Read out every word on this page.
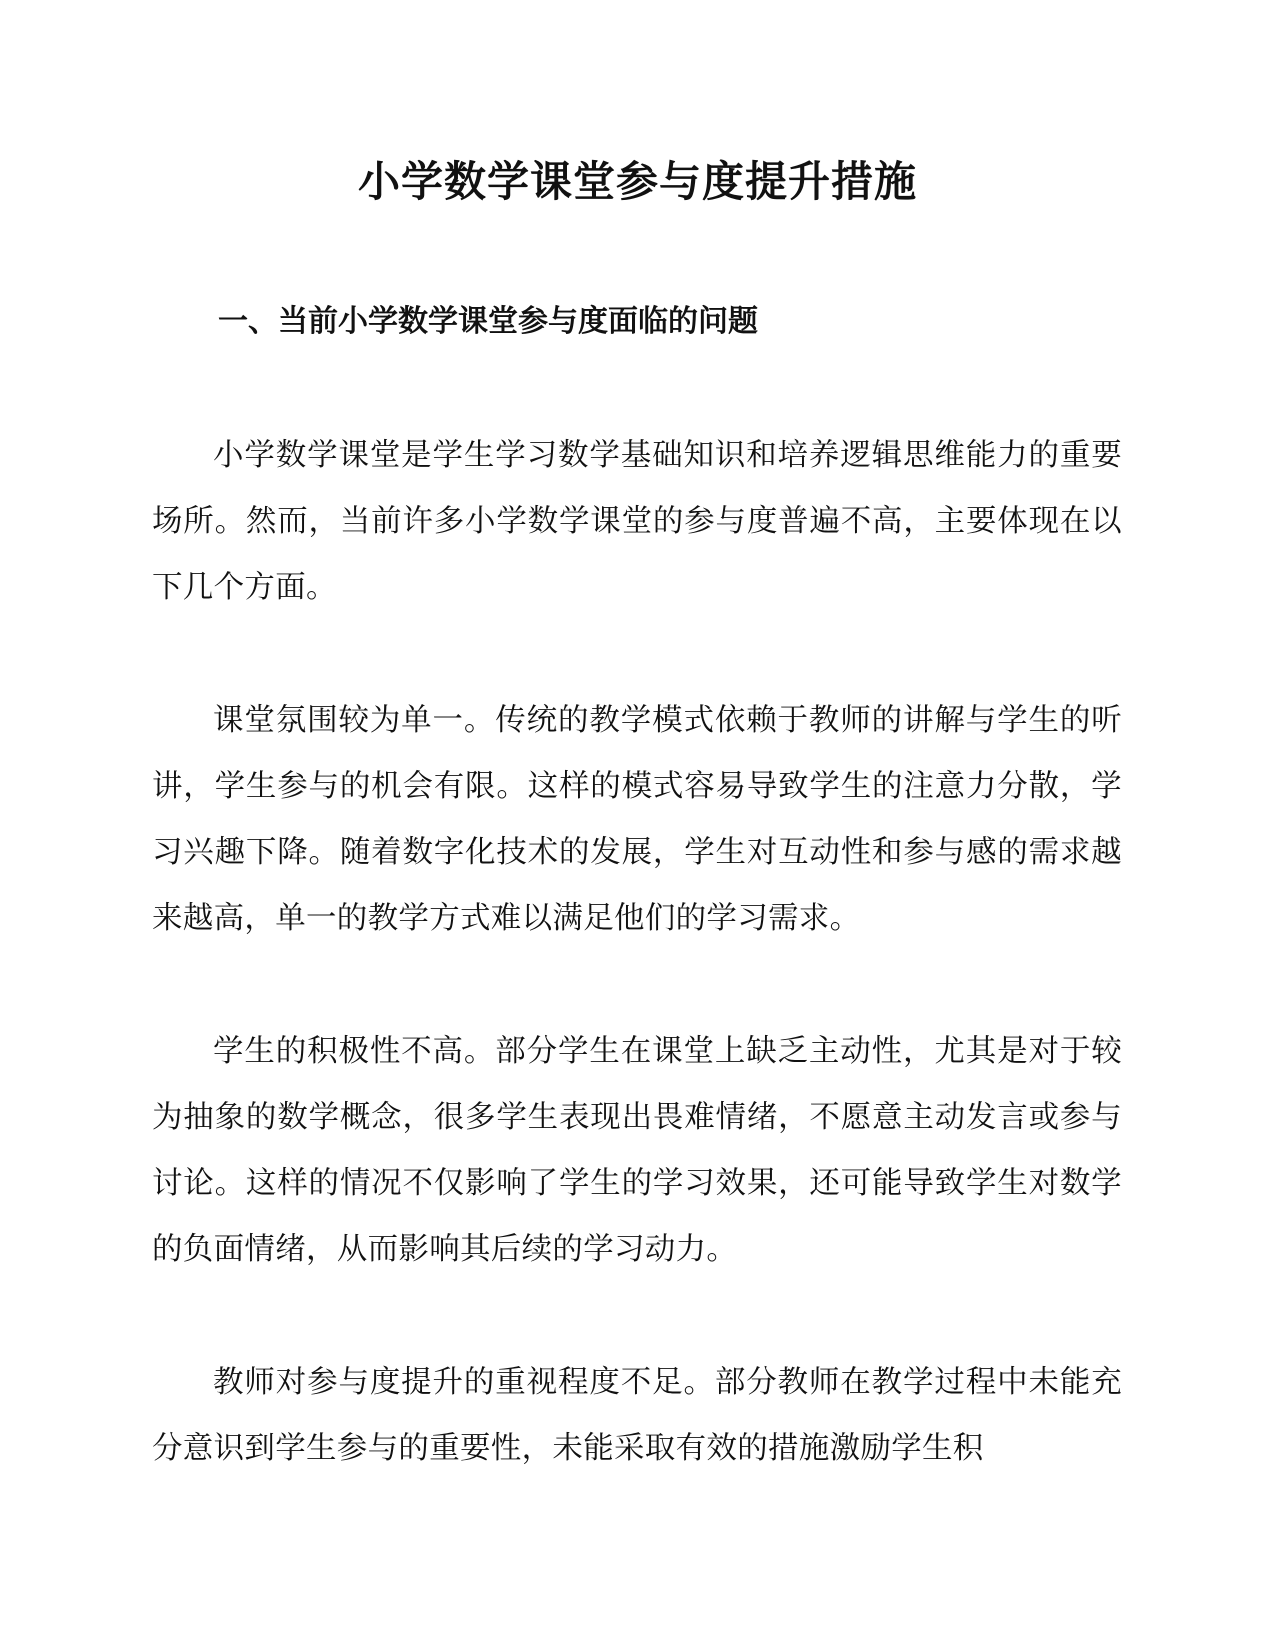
小学数学课堂参与度提升措施
一、当前小学数学课堂参与度面临的问题

小学数学课堂是学生学习数学基础知识和培养逻辑思维能力的重要场所。然而，当前许多小学数学课堂的参与度普遍不高，主要体现在以下几个方面。

课堂氛围较为单一。传统的教学模式依赖于教师的讲解与学生的听讲，学生参与的机会有限。这样的模式容易导致学生的注意力分散，学习兴趣下降。随着数字化技术的发展，学生对互动性和参与感的需求越来越高，单一的教学方式难以满足他们的学习需求。

学生的积极性不高。部分学生在课堂上缺乏主动性，尤其是对于较为抽象的数学概念，很多学生表现出畏难情绪，不愿意主动发言或参与讨论。这样的情况不仅影响了学生的学习效果，还可能导致学生对数学的负面情绪，从而影响其后续的学习动力。

教师对参与度提升的重视程度不足。部分教师在教学过程中未能充分意识到学生参与的重要性，未能采取有效的措施激励学生积
